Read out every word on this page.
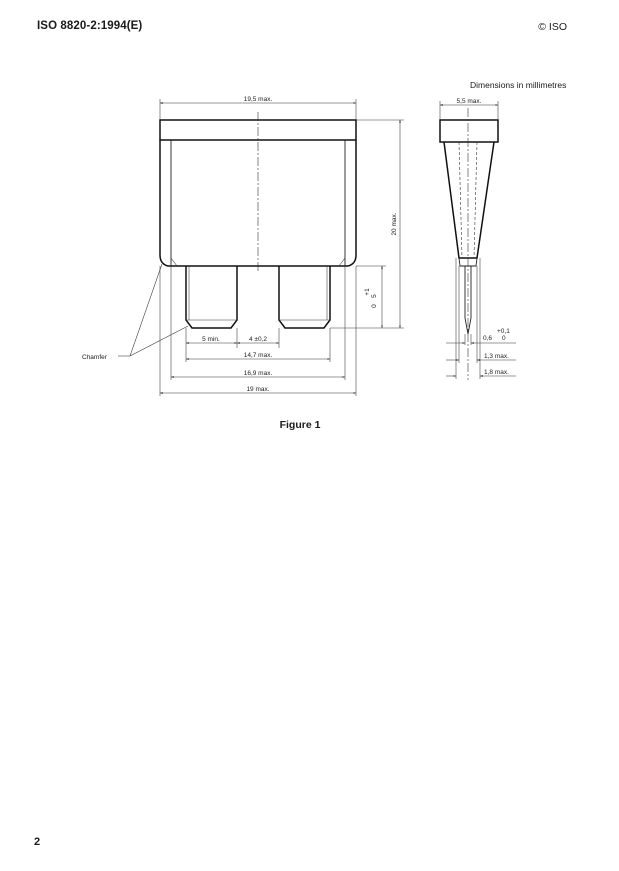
ISO 8820-2:1994(E)	© ISO
Dimensions in millimetres
19,5 max.
20 max.
5
+1
0
5 min.	4 ±0,2
14,7 max.
16,9 max.
19 max.
Chamfer
5,5 max.
0,6
+0,1
0
1,3 max.
1,8 max.
Figure 1
2
